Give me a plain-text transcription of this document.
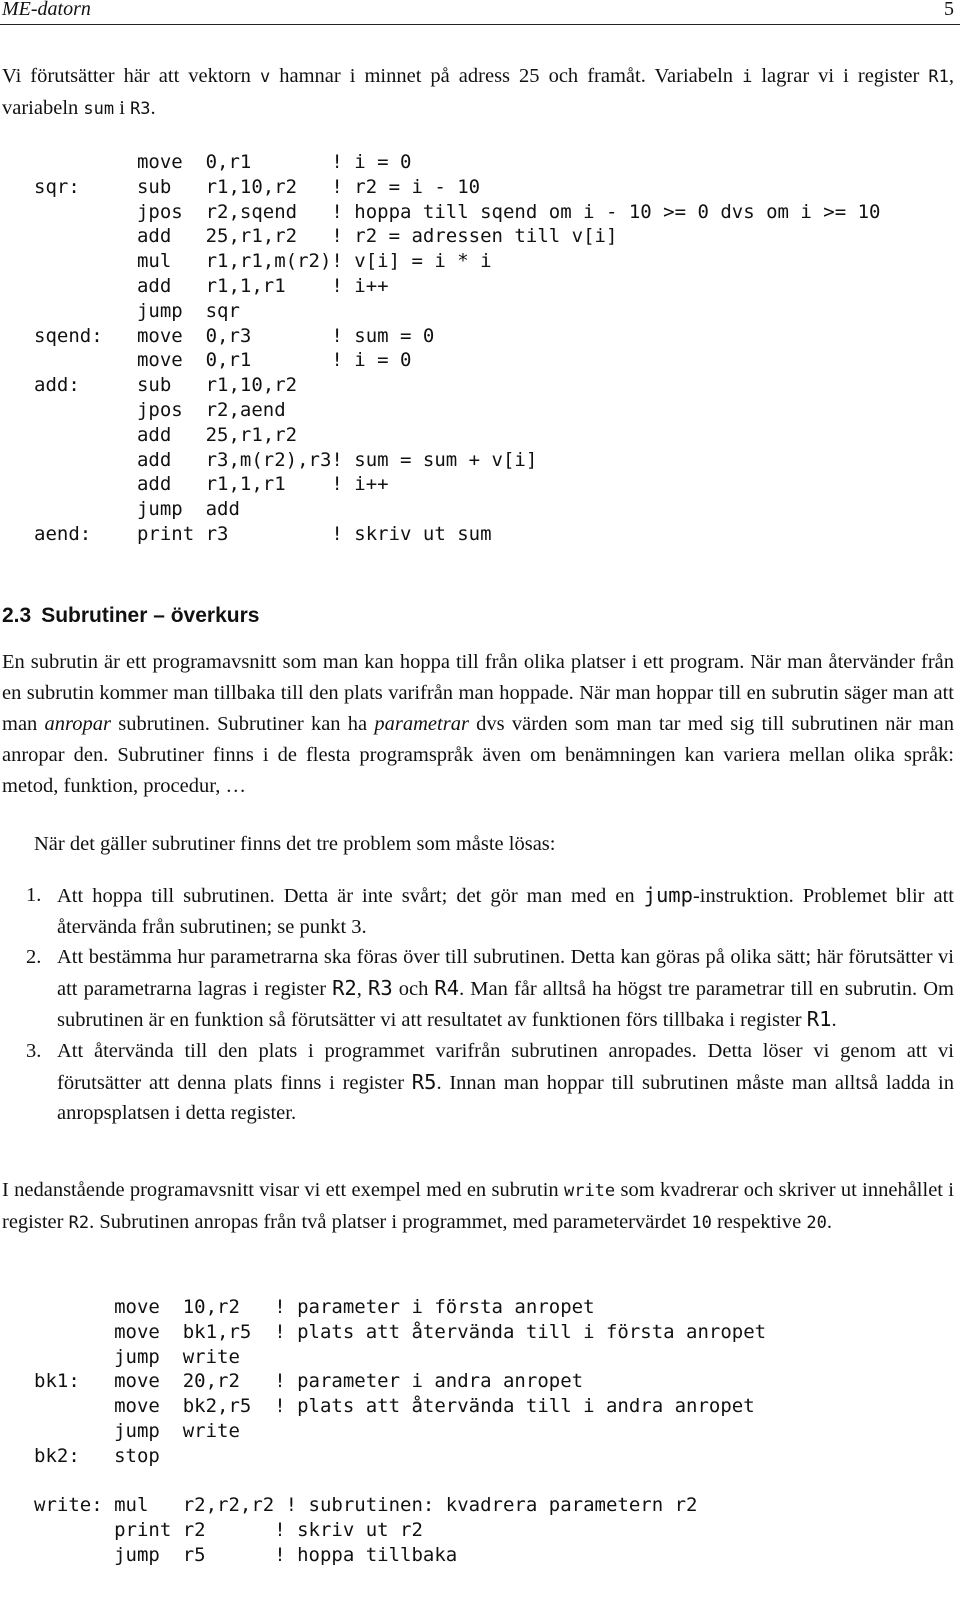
ME-datorn	5

Vi förutsätter här att vektorn v hamnar i minnet på adress 25 och framåt. Variabeln i lagrar vi i register R1, variabeln sum i R3.

move  0,r1       ! i = 0
sqr:     sub   r1,10,r2   ! r2 = i - 10
jpos  r2,sqend   ! hoppa till sqend om i - 10 >= 0 dvs om i >= 10
add   25,r1,r2   ! r2 = adressen till v[i]
mul   r1,r1,m(r2)! v[i] = i * i
add   r1,1,r1    ! i++
jump  sqr
sqend:   move  0,r3       ! sum = 0
move  0,r1       ! i = 0
add:     sub   r1,10,r2
jpos  r2,aend
add   25,r1,r2
add   r3,m(r2),r3! sum = sum + v[i]
add   r1,1,r1    ! i++
jump  add
aend:    print r3         ! skriv ut sum
2.3 Subrutiner – överkurs

En subrutin är ett programavsnitt som man kan hoppa till från olika platser i ett program. När man återvänder från en subrutin kommer man tillbaka till den plats varifrån man hoppade. När man hoppar till en subrutin säger man att man anropar subrutinen. Subrutiner kan ha parametrar dvs värden som man tar med sig till subrutinen när man anropar den. Subrutiner finns i de flesta programspråk även om benämningen kan variera mellan olika språk: metod, funktion, procedur, …

När det gäller subrutiner finns det tre problem som måste lösas:

1. Att hoppa till subrutinen. Detta är inte svårt; det gör man med en jump-instruktion. Problemet blir att återvända från subrutinen; se punkt 3.
2. Att bestämma hur parametrarna ska föras över till subrutinen. Detta kan göras på olika sätt; här förutsätter vi att parametrarna lagras i register R2, R3 och R4. Man får alltså ha högst tre parametrar till en subrutin. Om subrutinen är en funktion så förutsätter vi att resultatet av funktionen förs tillbaka i register R1.
3. Att återvända till den plats i programmet varifrån subrutinen anropades. Detta löser vi genom att vi förutsätter att denna plats finns i register R5. Innan man hoppar till subrutinen måste man alltså ladda in anropsplatsen i detta register.

I nedanstående programavsnitt visar vi ett exempel med en subrutin write som kvadrerar och skriver ut innehållet i register R2. Subrutinen anropas från två platser i programmet, med parametervärdet 10 respektive 20.

move  10,r2   ! parameter i första anropet
move  bk1,r5  ! plats att återvända till i första anropet
jump  write
bk1:   move  20,r2   ! parameter i andra anropet
move  bk2,r5  ! plats att återvända till i andra anropet
jump  write
bk2:   stop

write: mul   r2,r2,r2 ! subrutinen: kvadrera parametern r2
print r2      ! skriv ut r2
jump  r5      ! hoppa tillbaka
